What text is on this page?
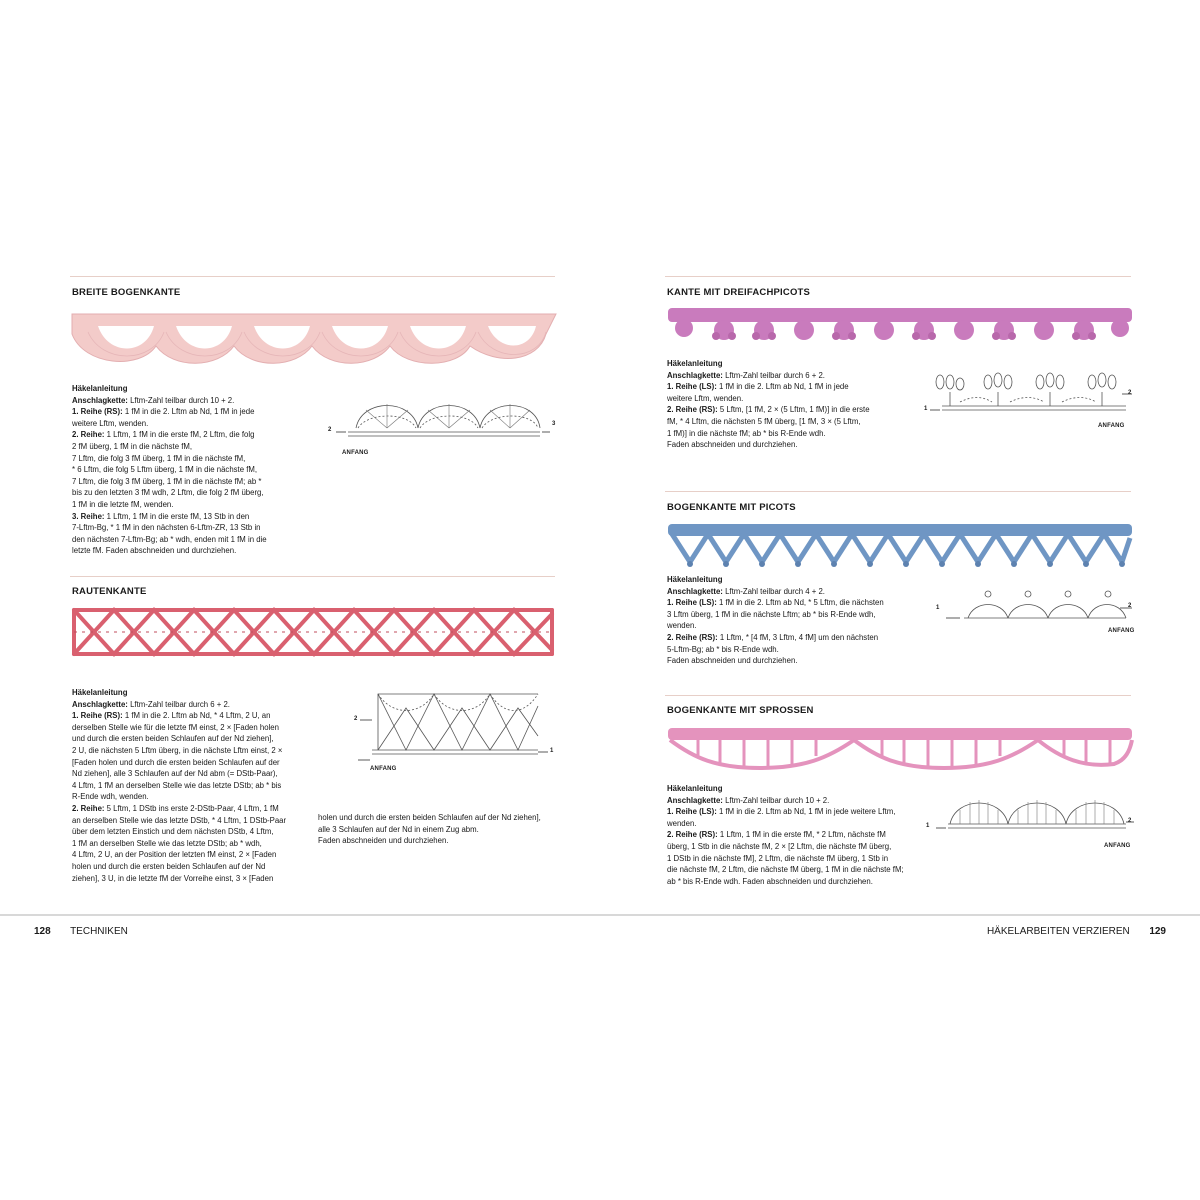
BREITE BOGENKANTE

Häkelanleitung

Anschlagkette: Lftm-Zahl teilbar durch 10 + 2.

1. Reihe (RS): 1 fM in die 2. Lftm ab Nd, 1 fM in jede

weitere Lftm, wenden.

2. Reihe: 1 Lftm, 1 fM in die erste fM, 2 Lftm, die folg

2 fM überg, 1 fM in die nächste fM,

7 Lftm, die folg 3 fM überg, 1 fM in die nächste fM,

* 6 Lftm, die folg 5 Lftm überg, 1 fM in die nächste fM,

7 Lftm, die folg 3 fM überg, 1 fM in die nächste fM; ab *

bis zu den letzten 3 fM wdh, 2 Lftm, die folg 2 fM überg,

1 fM in die letzte fM, wenden.

3. Reihe: 1 Lftm, 1 fM in die erste fM, 13 Stb in den

7-Lftm-Bg, * 1 fM in den nächsten 6-Lftm-ZR, 13 Stb in

den nächsten 7-Lftm-Bg; ab * wdh, enden mit 1 fM in die

letzte fM. Faden abschneiden und durchziehen.

2
3
ANFANG
RAUTENKANTE

Häkelanleitung

Anschlagkette: Lftm-Zahl teilbar durch 6 + 2.

1. Reihe (RS): 1 fM in die 2. Lftm ab Nd, * 4 Lftm, 2 U, an

derselben Stelle wie für die letzte fM einst, 2 × [Faden holen

und durch die ersten beiden Schlaufen auf der Nd ziehen],

2 U, die nächsten 5 Lftm überg, in die nächste Lftm einst, 2 ×

[Faden holen und durch die ersten beiden Schlaufen auf der

Nd ziehen], alle 3 Schlaufen auf der Nd abm (= DStb-Paar),

4 Lftm, 1 fM an derselben Stelle wie das letzte DStb; ab * bis

R-Ende wdh, wenden.

2. Reihe: 5 Lftm, 1 DStb ins erste 2-DStb-Paar, 4 Lftm, 1 fM

an derselben Stelle wie das letzte DStb, * 4 Lftm, 1 DStb-Paar

über dem letzten Einstich und dem nächsten DStb, 4 Lftm,

1 fM an derselben Stelle wie das letzte DStb; ab * wdh,

4 Lftm, 2 U, an der Position der letzten fM einst, 2 × [Faden

holen und durch die ersten beiden Schlaufen auf der Nd

ziehen], 3 U, in die letzte fM der Vorreihe einst, 3 × [Faden

holen und durch die ersten beiden Schlaufen auf der Nd ziehen],

alle 3 Schlaufen auf der Nd in einem Zug abm.

Faden abschneiden und durchziehen.

2
1
ANFANG
KANTE MIT DREIFACHPICOTS

Häkelanleitung

Anschlagkette: Lftm-Zahl teilbar durch 6 + 2.

1. Reihe (LS): 1 fM in die 2. Lftm ab Nd, 1 fM in jede

weitere Lftm, wenden.

2. Reihe (RS): 5 Lftm, [1 fM, 2 × (5 Lftm, 1 fM)] in die erste

fM, * 4 Lftm, die nächsten 5 fM überg, [1 fM, 3 × (5 Lftm,

1 fM)] in die nächste fM; ab * bis R-Ende wdh.

Faden abschneiden und durchziehen.

1
2
ANFANG
BOGENKANTE MIT PICOTS

Häkelanleitung

Anschlagkette: Lftm-Zahl teilbar durch 4 + 2.

1. Reihe (LS): 1 fM in die 2. Lftm ab Nd, * 5 Lftm, die nächsten

3 Lftm überg, 1 fM in die nächste Lftm; ab * bis R-Ende wdh,

wenden.

2. Reihe (RS): 1 Lftm, * [4 fM, 3 Lftm, 4 fM] um den nächsten

5-Lftm-Bg; ab * bis R-Ende wdh.

Faden abschneiden und durchziehen.

1	2
ANFANG
BOGENKANTE MIT SPROSSEN

Häkelanleitung

Anschlagkette: Lftm-Zahl teilbar durch 10 + 2.

1. Reihe (LS): 1 fM in die 2. Lftm ab Nd, 1 fM in jede weitere Lftm,

wenden.

2. Reihe (RS): 1 Lftm, 1 fM in die erste fM, * 2 Lftm, nächste fM

überg, 1 Stb in die nächste fM, 2 × [2 Lftm, die nächste fM überg,

1 DStb in die nächste fM], 2 Lftm, die nächste fM überg, 1 Stb in

die nächste fM, 2 Lftm, die nächste fM überg, 1 fM in die nächste fM;

ab * bis R-Ende wdh. Faden abschneiden und durchziehen.

1
2
ANFANG
128 TECHNIKEN	HÄKELARBEITEN VERZIEREN 129
